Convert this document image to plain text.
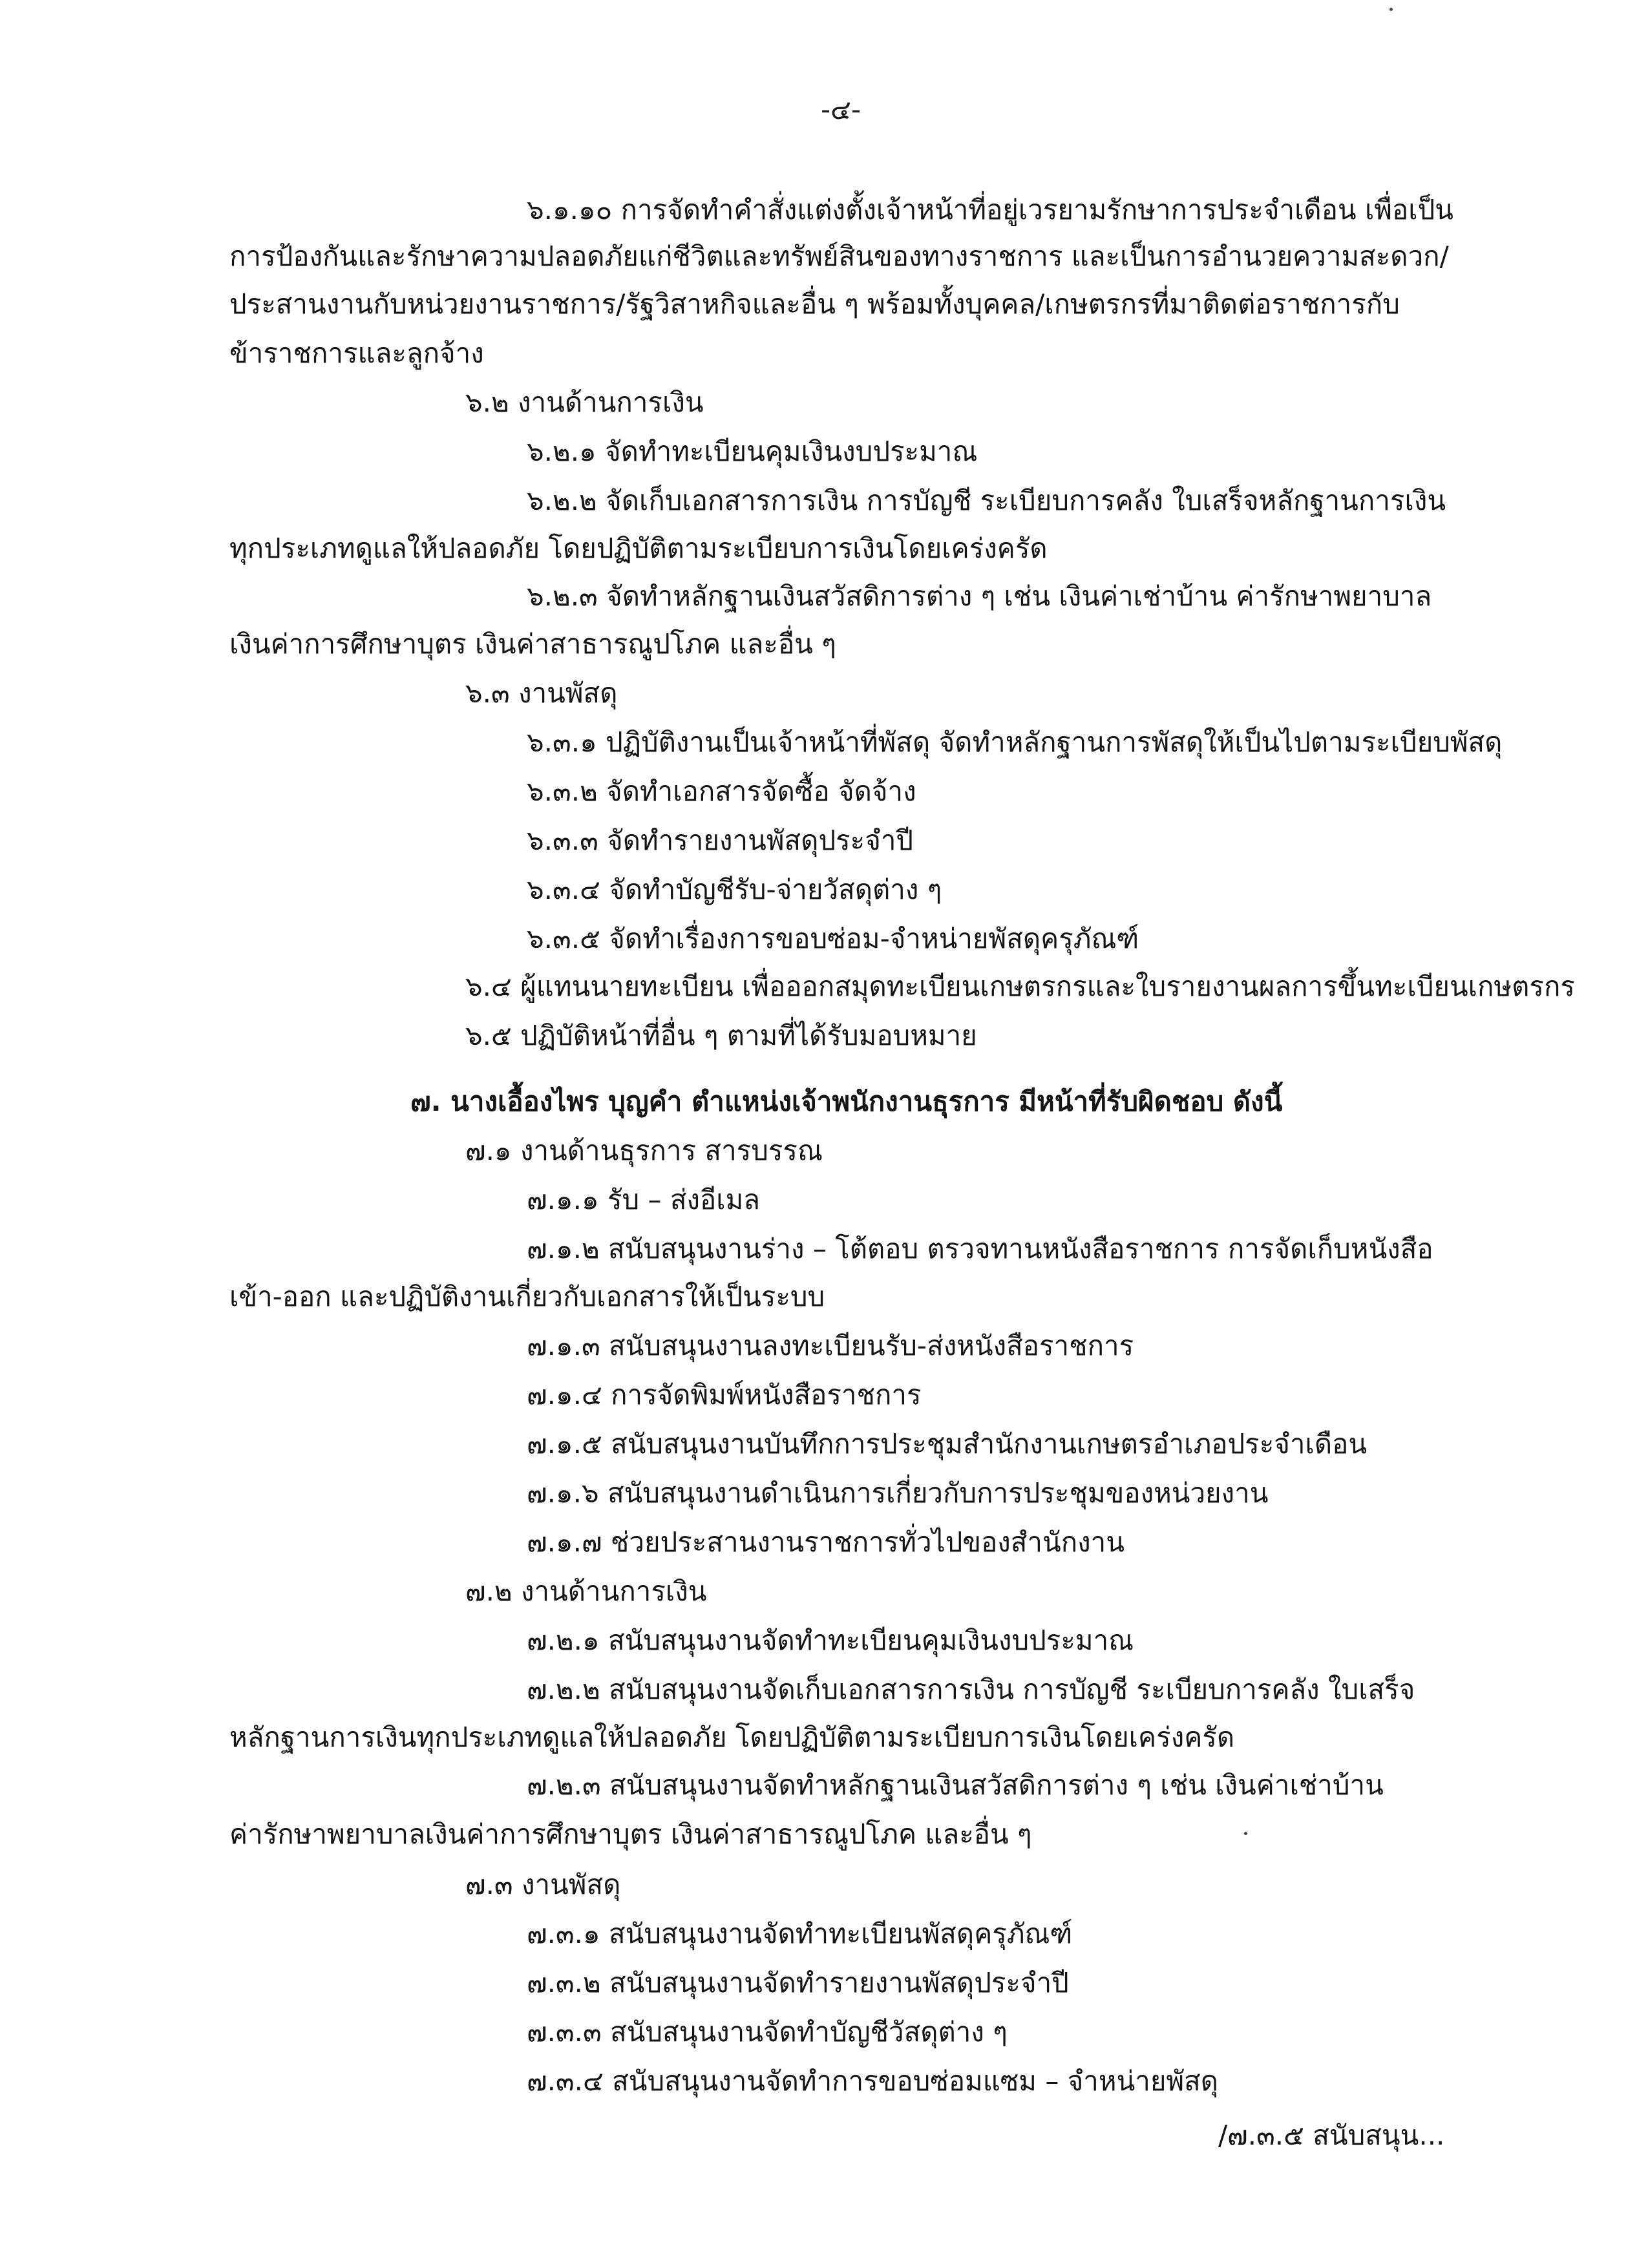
-๔-

๖.๑.๑๐ การจัดทำคำสั่งแต่งตั้งเจ้าหน้าที่อยู่เวรยามรักษาการประจำเดือน เพื่อเป็น

การป้องกันและรักษาความปลอดภัยแก่ชีวิตและทรัพย์สินของทางราชการ และเป็นการอำนวยความสะดวก/

ประสานงานกับหน่วยงานราชการ/รัฐวิสาหกิจและอื่น ๆ พร้อมทั้งบุคคล/เกษตรกรที่มาติดต่อราชการกับ

ข้าราชการและลูกจ้าง

๖.๒ งานด้านการเงิน

๖.๒.๑ จัดทำทะเบียนคุมเงินงบประมาณ

๖.๒.๒ จัดเก็บเอกสารการเงิน การบัญชี ระเบียบการคลัง ใบเสร็จหลักฐานการเงิน

ทุกประเภทดูแลให้ปลอดภัย โดยปฏิบัติตามระเบียบการเงินโดยเคร่งครัด

๖.๒.๓ จัดทำหลักฐานเงินสวัสดิการต่าง ๆ เช่น เงินค่าเช่าบ้าน ค่ารักษาพยาบาล

เงินค่าการศึกษาบุตร เงินค่าสาธารณูปโภค และอื่น ๆ

๖.๓ งานพัสดุ

๖.๓.๑ ปฏิบัติงานเป็นเจ้าหน้าที่พัสดุ จัดทำหลักฐานการพัสดุให้เป็นไปตามระเบียบพัสดุ

๖.๓.๒ จัดทำเอกสารจัดซื้อ จัดจ้าง

๖.๓.๓ จัดทำรายงานพัสดุประจำปี

๖.๓.๔ จัดทำบัญชีรับ-จ่ายวัสดุต่าง ๆ

๖.๓.๕ จัดทำเรื่องการขอบซ่อม-จำหน่ายพัสดุครุภัณฑ์

๖.๔ ผู้แทนนายทะเบียน เพื่อออกสมุดทะเบียนเกษตรกรและใบรายงานผลการขึ้นทะเบียนเกษตรกร

๖.๕ ปฏิบัติหน้าที่อื่น ๆ ตามที่ได้รับมอบหมาย

๗. นางเอื้องไพร บุญคำ ตำแหน่งเจ้าพนักงานธุรการ มีหน้าที่รับผิดชอบ ดังนี้

๗.๑ งานด้านธุรการ สารบรรณ

๗.๑.๑ รับ – ส่งอีเมล

๗.๑.๒ สนับสนุนงานร่าง – โต้ตอบ ตรวจทานหนังสือราชการ การจัดเก็บหนังสือ

เข้า-ออก และปฏิบัติงานเกี่ยวกับเอกสารให้เป็นระบบ

๗.๑.๓ สนับสนุนงานลงทะเบียนรับ-ส่งหนังสือราชการ

๗.๑.๔ การจัดพิมพ์หนังสือราชการ

๗.๑.๕ สนับสนุนงานบันทึกการประชุมสำนักงานเกษตรอำเภอประจำเดือน

๗.๑.๖ สนับสนุนงานดำเนินการเกี่ยวกับการประชุมของหน่วยงาน

๗.๑.๗ ช่วยประสานงานราชการทั่วไปของสำนักงาน

๗.๒ งานด้านการเงิน

๗.๒.๑ สนับสนุนงานจัดทำทะเบียนคุมเงินงบประมาณ

๗.๒.๒ สนับสนุนงานจัดเก็บเอกสารการเงิน การบัญชี ระเบียบการคลัง ใบเสร็จ

หลักฐานการเงินทุกประเภทดูแลให้ปลอดภัย โดยปฏิบัติตามระเบียบการเงินโดยเคร่งครัด

๗.๒.๓ สนับสนุนงานจัดทำหลักฐานเงินสวัสดิการต่าง ๆ เช่น เงินค่าเช่าบ้าน

ค่ารักษาพยาบาลเงินค่าการศึกษาบุตร เงินค่าสาธารณูปโภค และอื่น ๆ

๗.๓ งานพัสดุ

๗.๓.๑ สนับสนุนงานจัดทำทะเบียนพัสดุครุภัณฑ์

๗.๓.๒ สนับสนุนงานจัดทำรายงานพัสดุประจำปี

๗.๓.๓ สนับสนุนงานจัดทำบัญชีวัสดุต่าง ๆ

๗.๓.๔ สนับสนุนงานจัดทำการขอบซ่อมแซม – จำหน่ายพัสดุ

/๗.๓.๕ สนับสนุน...
